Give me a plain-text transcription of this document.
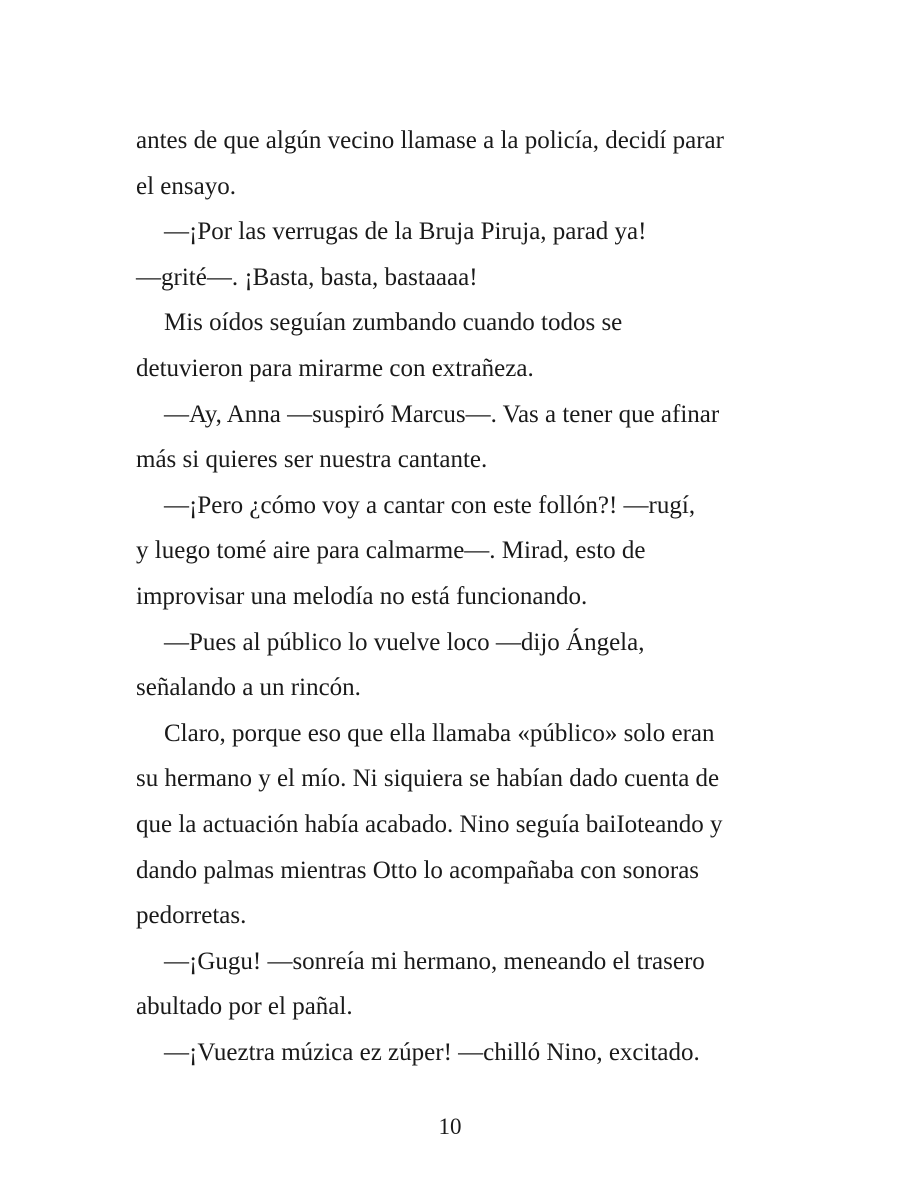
antes de que algún vecino llamase a la policía, decidí parar
el ensayo.
—¡Por las verrugas de la Bruja Piruja, parad ya!
—grité—. ¡Basta, basta, bastaaaa!
Mis oídos seguían zumbando cuando todos se
detuvieron para mirarme con extrañeza.
—Ay, Anna —suspiró Marcus—. Vas a tener que afinar
más si quieres ser nuestra cantante.
—¡Pero ¿cómo voy a cantar con este follón?! —rugí,
y luego tomé aire para calmarme—. Mirad, esto de
improvisar una melodía no está funcionando.
—Pues al público lo vuelve loco —dijo Ángela,
señalando a un rincón.
Claro, porque eso que ella llamaba «público» solo eran
su hermano y el mío. Ni siquiera se habían dado cuenta de
que la actuación había acabado. Nino seguía baiIoteando y
dando palmas mientras Otto lo acompañaba con sonoras
pedorretas.
—¡Gugu! —sonreía mi hermano, meneando el trasero
abultado por el pañal.
—¡Vueztra múzica ez zúper! —chilló Nino, excitado.
10
